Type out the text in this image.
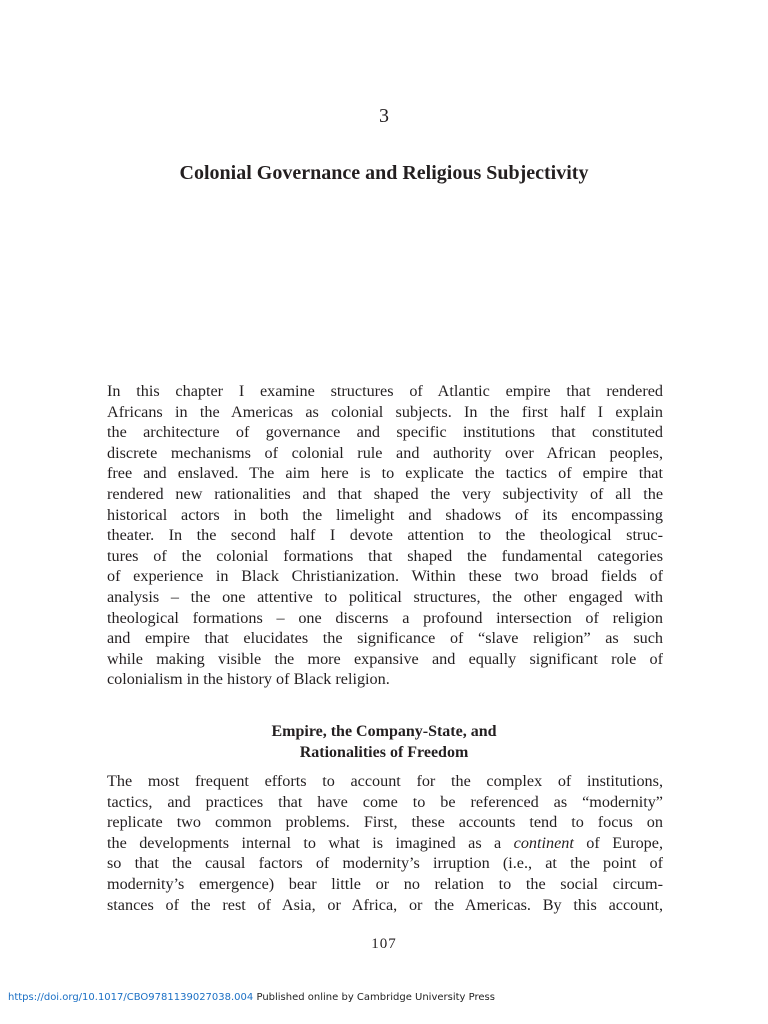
3
Colonial Governance and Religious Subjectivity
In this chapter I examine structures of Atlantic empire that rendered
Africans in the Americas as colonial subjects. In the first half I explain
the architecture of governance and specific institutions that constituted
discrete mechanisms of colonial rule and authority over African peoples,
free and enslaved. The aim here is to explicate the tactics of empire that
rendered new rationalities and that shaped the very subjectivity of all the
historical actors in both the limelight and shadows of its encompassing
theater. In the second half I devote attention to the theological struc-
tures of the colonial formations that shaped the fundamental categories
of experience in Black Christianization. Within these two broad fields of
analysis – the one attentive to political structures, the other engaged with
theological formations – one discerns a profound intersection of religion
and empire that elucidates the significance of “slave religion” as such
while making visible the more expansive and equally significant role of
colonialism in the history of Black religion.
Empire, the Company-State, and
Rationalities of Freedom
The most frequent efforts to account for the complex of institutions,
tactics, and practices that have come to be referenced as “modernity”
replicate two common problems. First, these accounts tend to focus on
the developments internal to what is imagined as a continent of Europe,
so that the causal factors of modernity’s irruption (i.e., at the point of
modernity’s emergence) bear little or no relation to the social circum-
stances of the rest of Asia, or Africa, or the Americas. By this account,
107
https://doi.org/10.1017/CBO9781139027038.004 Published online by Cambridge University Press
